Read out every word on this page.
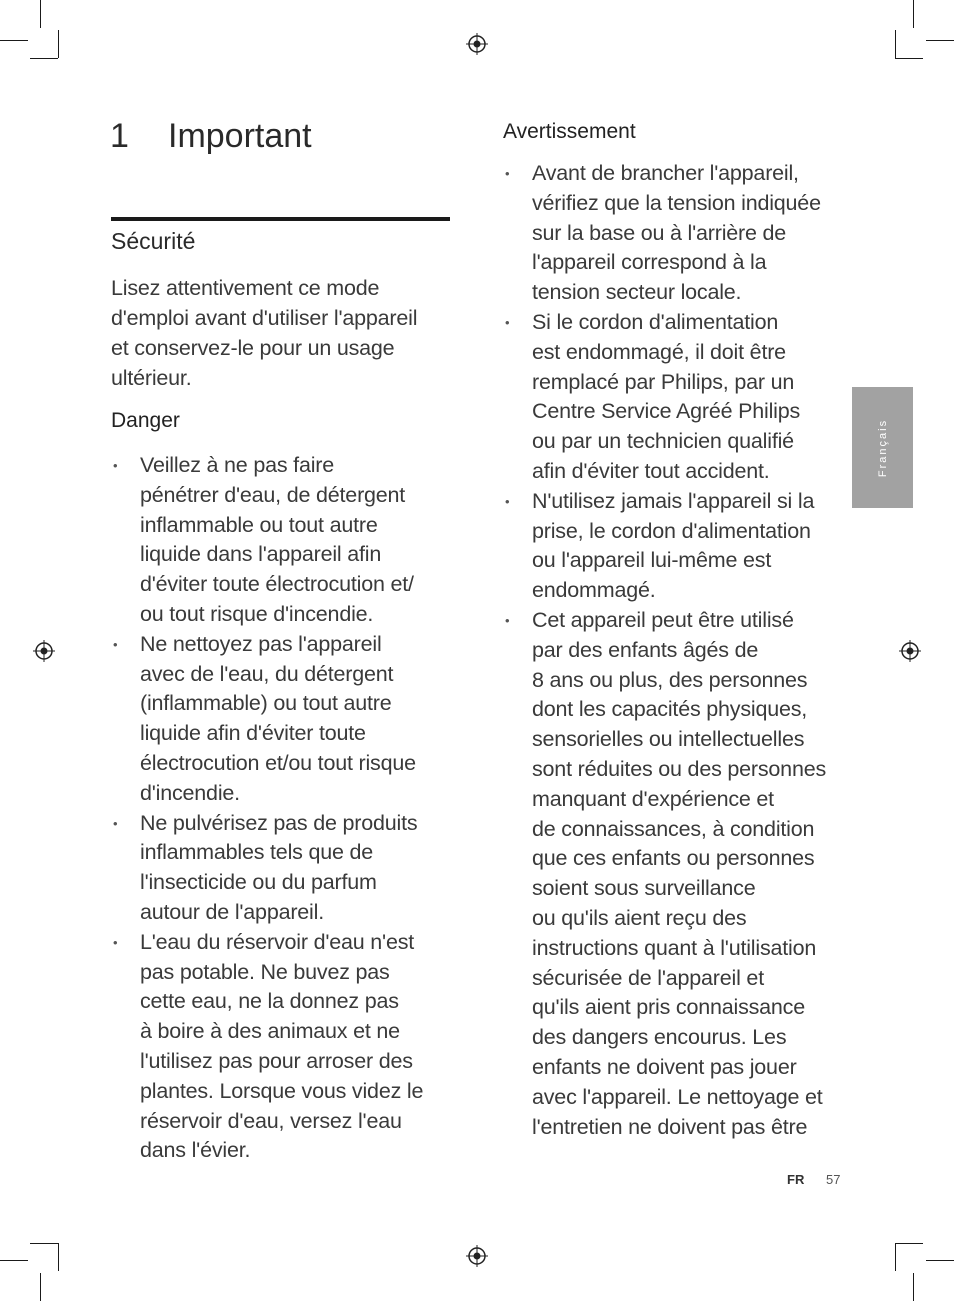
1 Important
Sécurité

Lisez attentivement ce mode
d'emploi avant d'utiliser l'appareil
et conservez-le pour un usage
ultérieur.

Danger
• Veillez à ne pas faire
pénétrer d'eau, de détergent
inflammable ou tout autre
liquide dans l'appareil afin
d'éviter toute électrocution et/
ou tout risque d'incendie.
• Ne nettoyez pas l'appareil
avec de l'eau, du détergent
(inflammable) ou tout autre
liquide afin d'éviter toute
électrocution et/ou tout risque
d'incendie.
• Ne pulvérisez pas de produits
inflammables tels que de
l'insecticide ou du parfum
autour de l'appareil.
• L'eau du réservoir d'eau n'est
pas potable. Ne buvez pas
cette eau, ne la donnez pas
à boire à des animaux et ne
l'utilisez pas pour arroser des
plantes. Lorsque vous videz le
réservoir d'eau, versez l'eau
dans l'évier.
Avertissement
• Avant de brancher l'appareil,
vérifiez que la tension indiquée
sur la base ou à l'arrière de
l'appareil correspond à la
tension secteur locale.
• Si le cordon d'alimentation
est endommagé, il doit être
remplacé par Philips, par un
Centre Service Agréé Philips
ou par un technicien qualifié
afin d'éviter tout accident.
• N'utilisez jamais l'appareil si la
prise, le cordon d'alimentation
ou l'appareil lui-même est
endommagé.
• Cet appareil peut être utilisé
par des enfants âgés de
8 ans ou plus, des personnes
dont les capacités physiques,
sensorielles ou intellectuelles
sont réduites ou des personnes
manquant d'expérience et
de connaissances, à condition
que ces enfants ou personnes
soient sous surveillance
ou qu'ils aient reçu des
instructions quant à l'utilisation
sécurisée de l'appareil et
qu'ils aient pris connaissance
des dangers encourus. Les
enfants ne doivent pas jouer
avec l'appareil. Le nettoyage et
l'entretien ne doivent pas être
Français
FR 57
